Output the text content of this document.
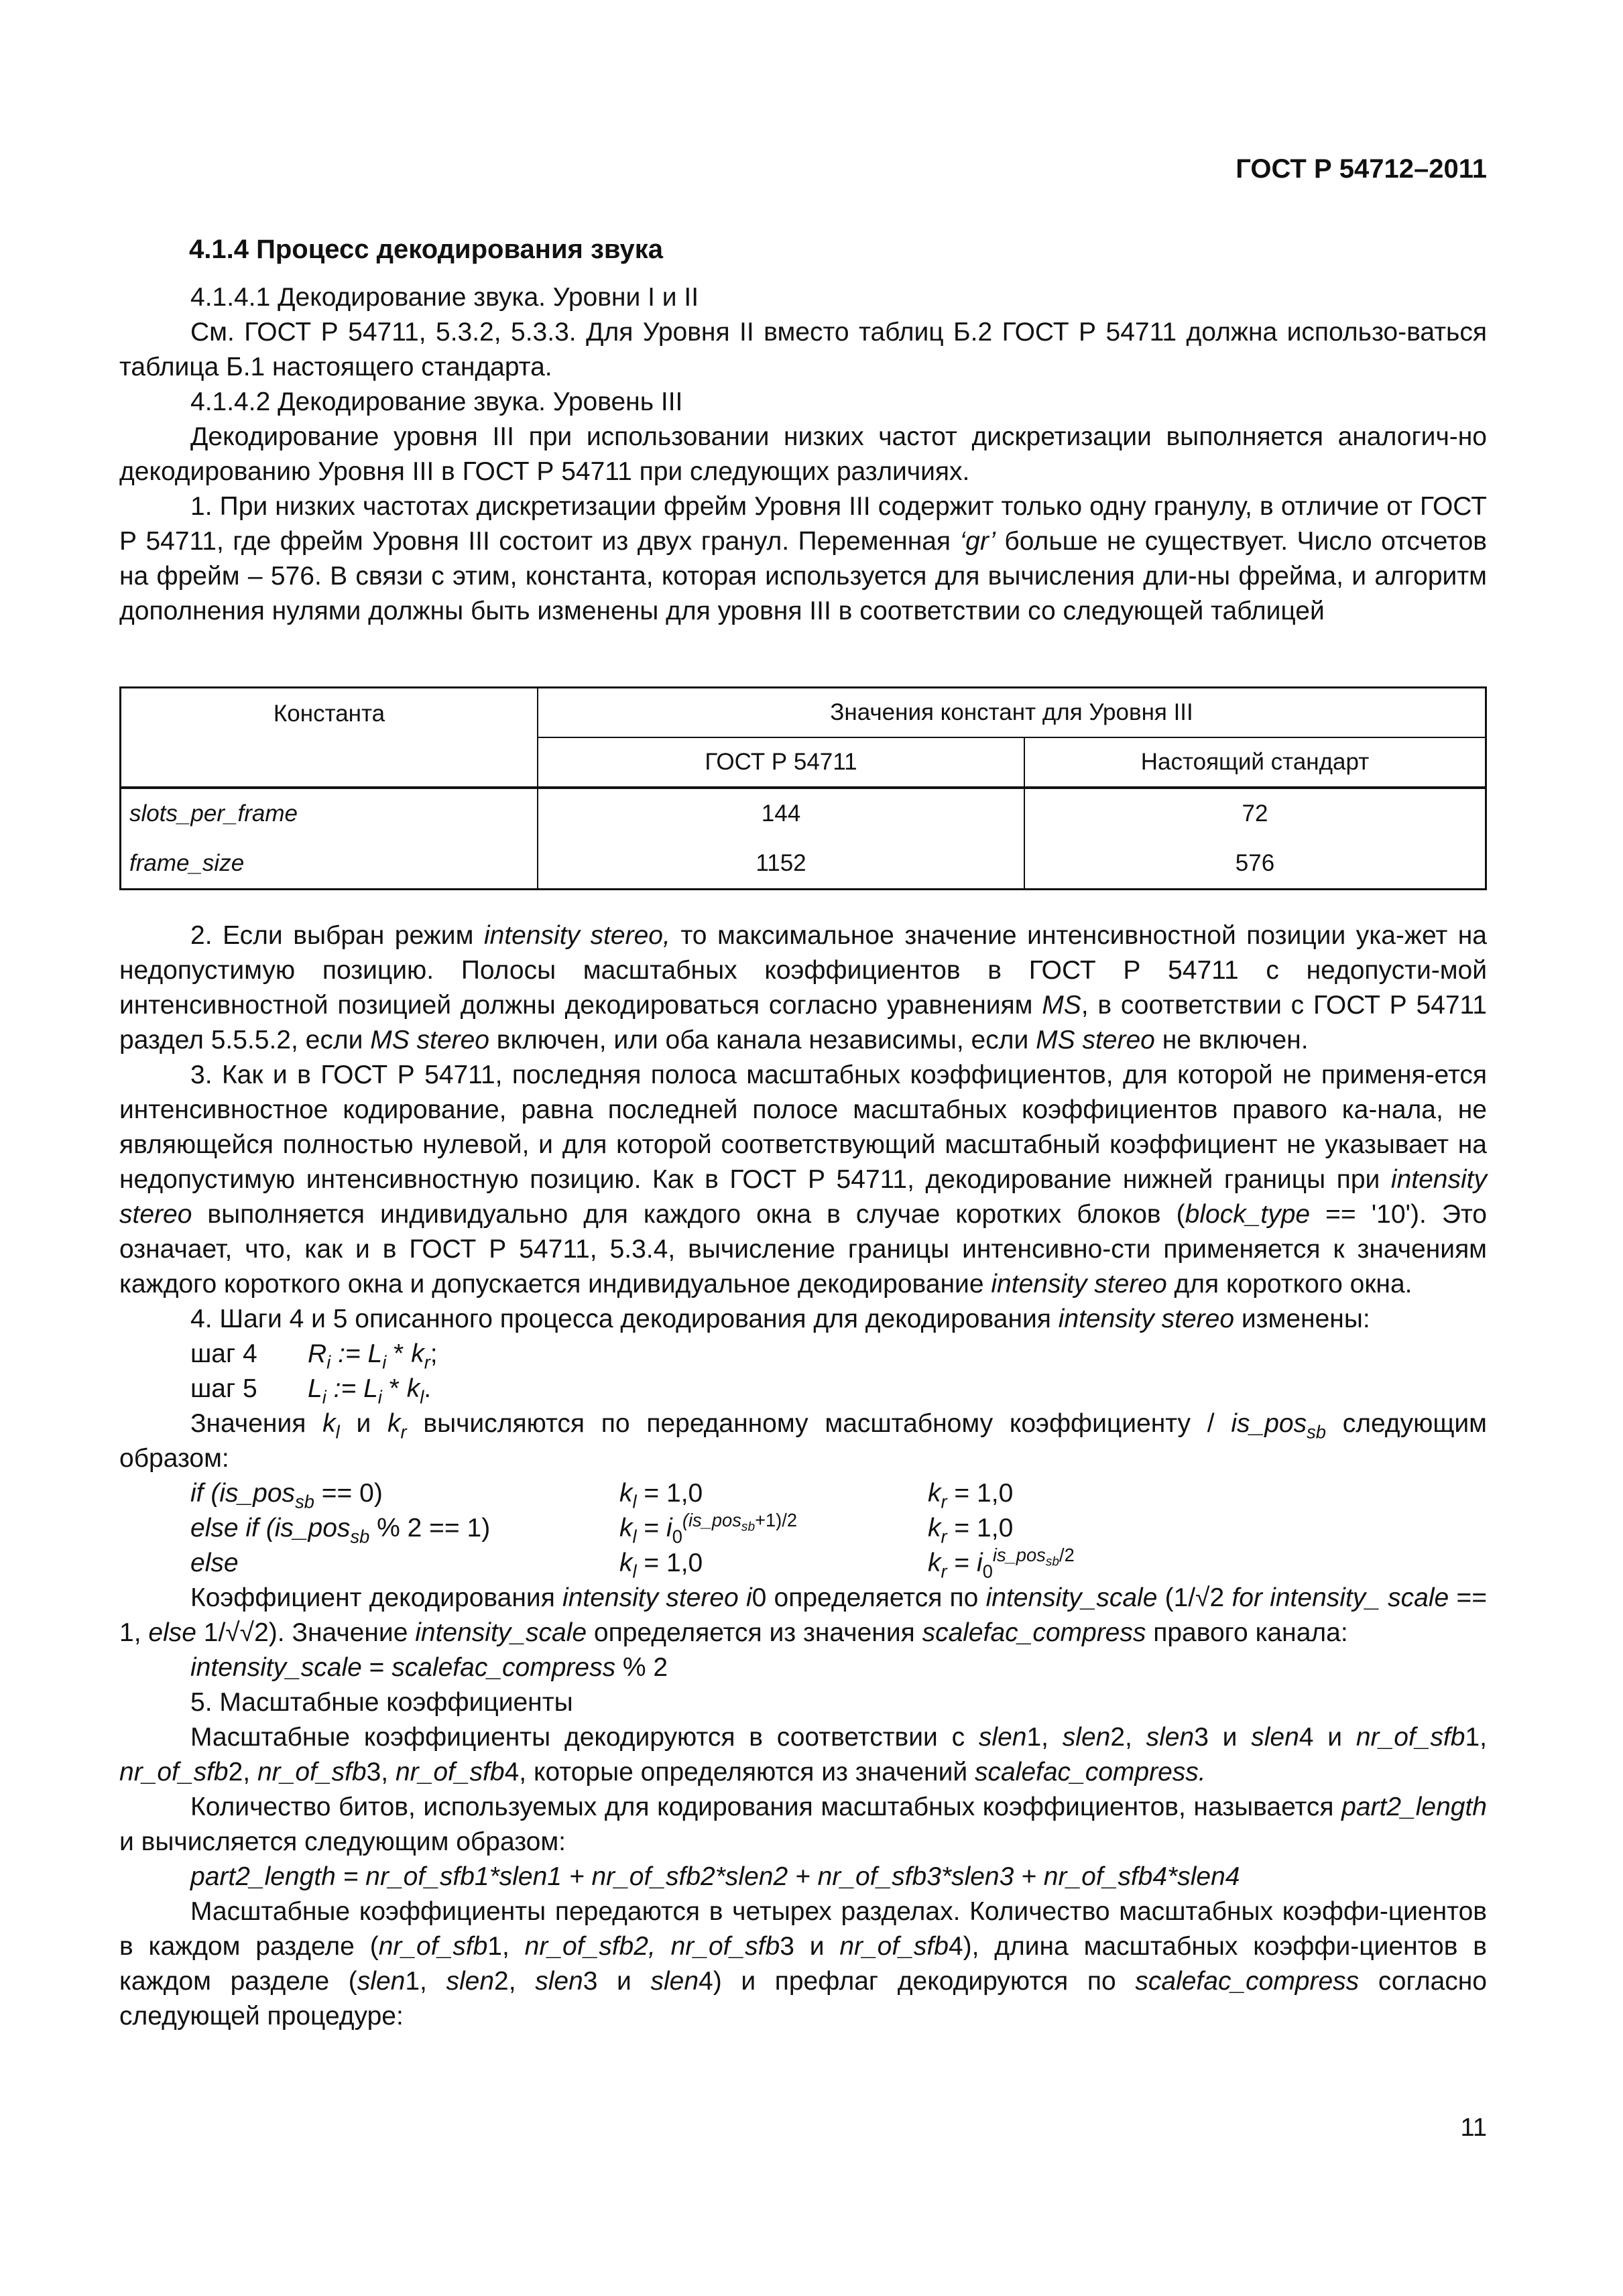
ГОСТ Р 54712–2011
4.1.4 Процесс декодирования звука

4.1.4.1 Декодирование звука. Уровни I и II

См. ГОСТ Р 54711, 5.3.2, 5.3.3. Для Уровня II вместо таблиц Б.2 ГОСТ Р 54711 должна использо-ваться таблица Б.1 настоящего стандарта.

4.1.4.2 Декодирование звука. Уровень III

Декодирование уровня III при использовании низких частот дискретизации выполняется аналогич-но декодированию Уровня III в ГОСТ Р 54711 при следующих различиях.

1. При низких частотах дискретизации фрейм Уровня III содержит только одну гранулу, в отличие от ГОСТ Р 54711, где фрейм Уровня III состоит из двух гранул. Переменная ‘gr’ больше не существует. Число отсчетов на фрейм – 576. В связи с этим, константа, которая используется для вычисления дли-ны фрейма, и алгоритм дополнения нулями должны быть изменены для уровня III в соответствии со следующей таблицей

Константа	Значения констант для Уровня III	
	ГОСТ Р 54711	Настоящий стандарт
slots_per_frame	144	72
frame_size	1152	576

2. Если выбран режим intensity stereo, то максимальное значение интенсивностной позиции ука-жет на недопустимую позицию. Полосы масштабных коэффициентов в ГОСТ Р 54711 с недопусти-мой интенсивностной позицией должны декодироваться согласно уравнениям MS, в соответствии с ГОСТ Р 54711 раздел 5.5.5.2, если MS stereo включен, или оба канала независимы, если MS stereo не включен.

3. Как и в ГОСТ Р 54711, последняя полоса масштабных коэффициентов, для которой не применя-ется интенсивностное кодирование, равна последней полосе масштабных коэффициентов правого ка-нала, не являющейся полностью нулевой, и для которой соответствующий масштабный коэффициент не указывает на недопустимую интенсивностную позицию. Как в ГОСТ Р 54711, декодирование нижней границы при intensity stereo выполняется индивидуально для каждого окна в случае коротких блоков (block_type == '10'). Это означает, что, как и в ГОСТ Р 54711, 5.3.4, вычисление границы интенсивно-сти применяется к значениям каждого короткого окна и допускается индивидуальное декодирование intensity stereo для короткого окна.

4. Шаги 4 и 5 описанного процесса декодирования для декодирования intensity stereo изменены:

шаг 4	$R_i$ := $L_i * k_r$;
шаг 5	$L_i$ := $L_i * k_l$.

Значения $k_l$ и $k_r$ вычисляются по переданному масштабному коэффициенту / is_pos$_{sb}$ следующим образом:

if (is_pos$_{sb}$ == 0)	$k_l = 1,0$	$k_r = 1,0$
else if (is_pos$_{sb}$ % 2 == 1)	$k_l = i_0^{(is\_pos_{sb}+1)/2}$	$k_r = 1,0$
else	$k_l = 1,0$	$k_r = i_0^{is\_pos_{sb}/2}$

Коэффициент декодирования intensity stereo i0 определяется по intensity_scale (1/√2 for intensity_ scale == 1, else 1/√√2). Значение intensity_scale определяется из значения scalefac_compress правого канала:

intensity_scale = scalefac_compress % 2

5. Масштабные коэффициенты

Масштабные коэффициенты декодируются в соответствии с slen1, slen2, slen3 и slen4 и nr_of_sfb1, nr_of_sfb2, nr_of_sfb3, nr_of_sfb4, которые определяются из значений scalefac_compress.

Количество битов, используемых для кодирования масштабных коэффициентов, называется part2_length и вычисляется следующим образом:

part2_length = nr_of_sfb1*slen1 + nr_of_sfb2*slen2 + nr_of_sfb3*slen3 + nr_of_sfb4*slen4

Масштабные коэффициенты передаются в четырех разделах. Количество масштабных коэффи-циентов в каждом разделе (nr_of_sfb1, nr_of_sfb2, nr_of_sfb3 и nr_of_sfb4), длина масштабных коэффи-циентов в каждом разделе (slen1, slen2, slen3 и slen4) и префлаг декодируются по scalefac_compress согласно следующей процедуре:

11
